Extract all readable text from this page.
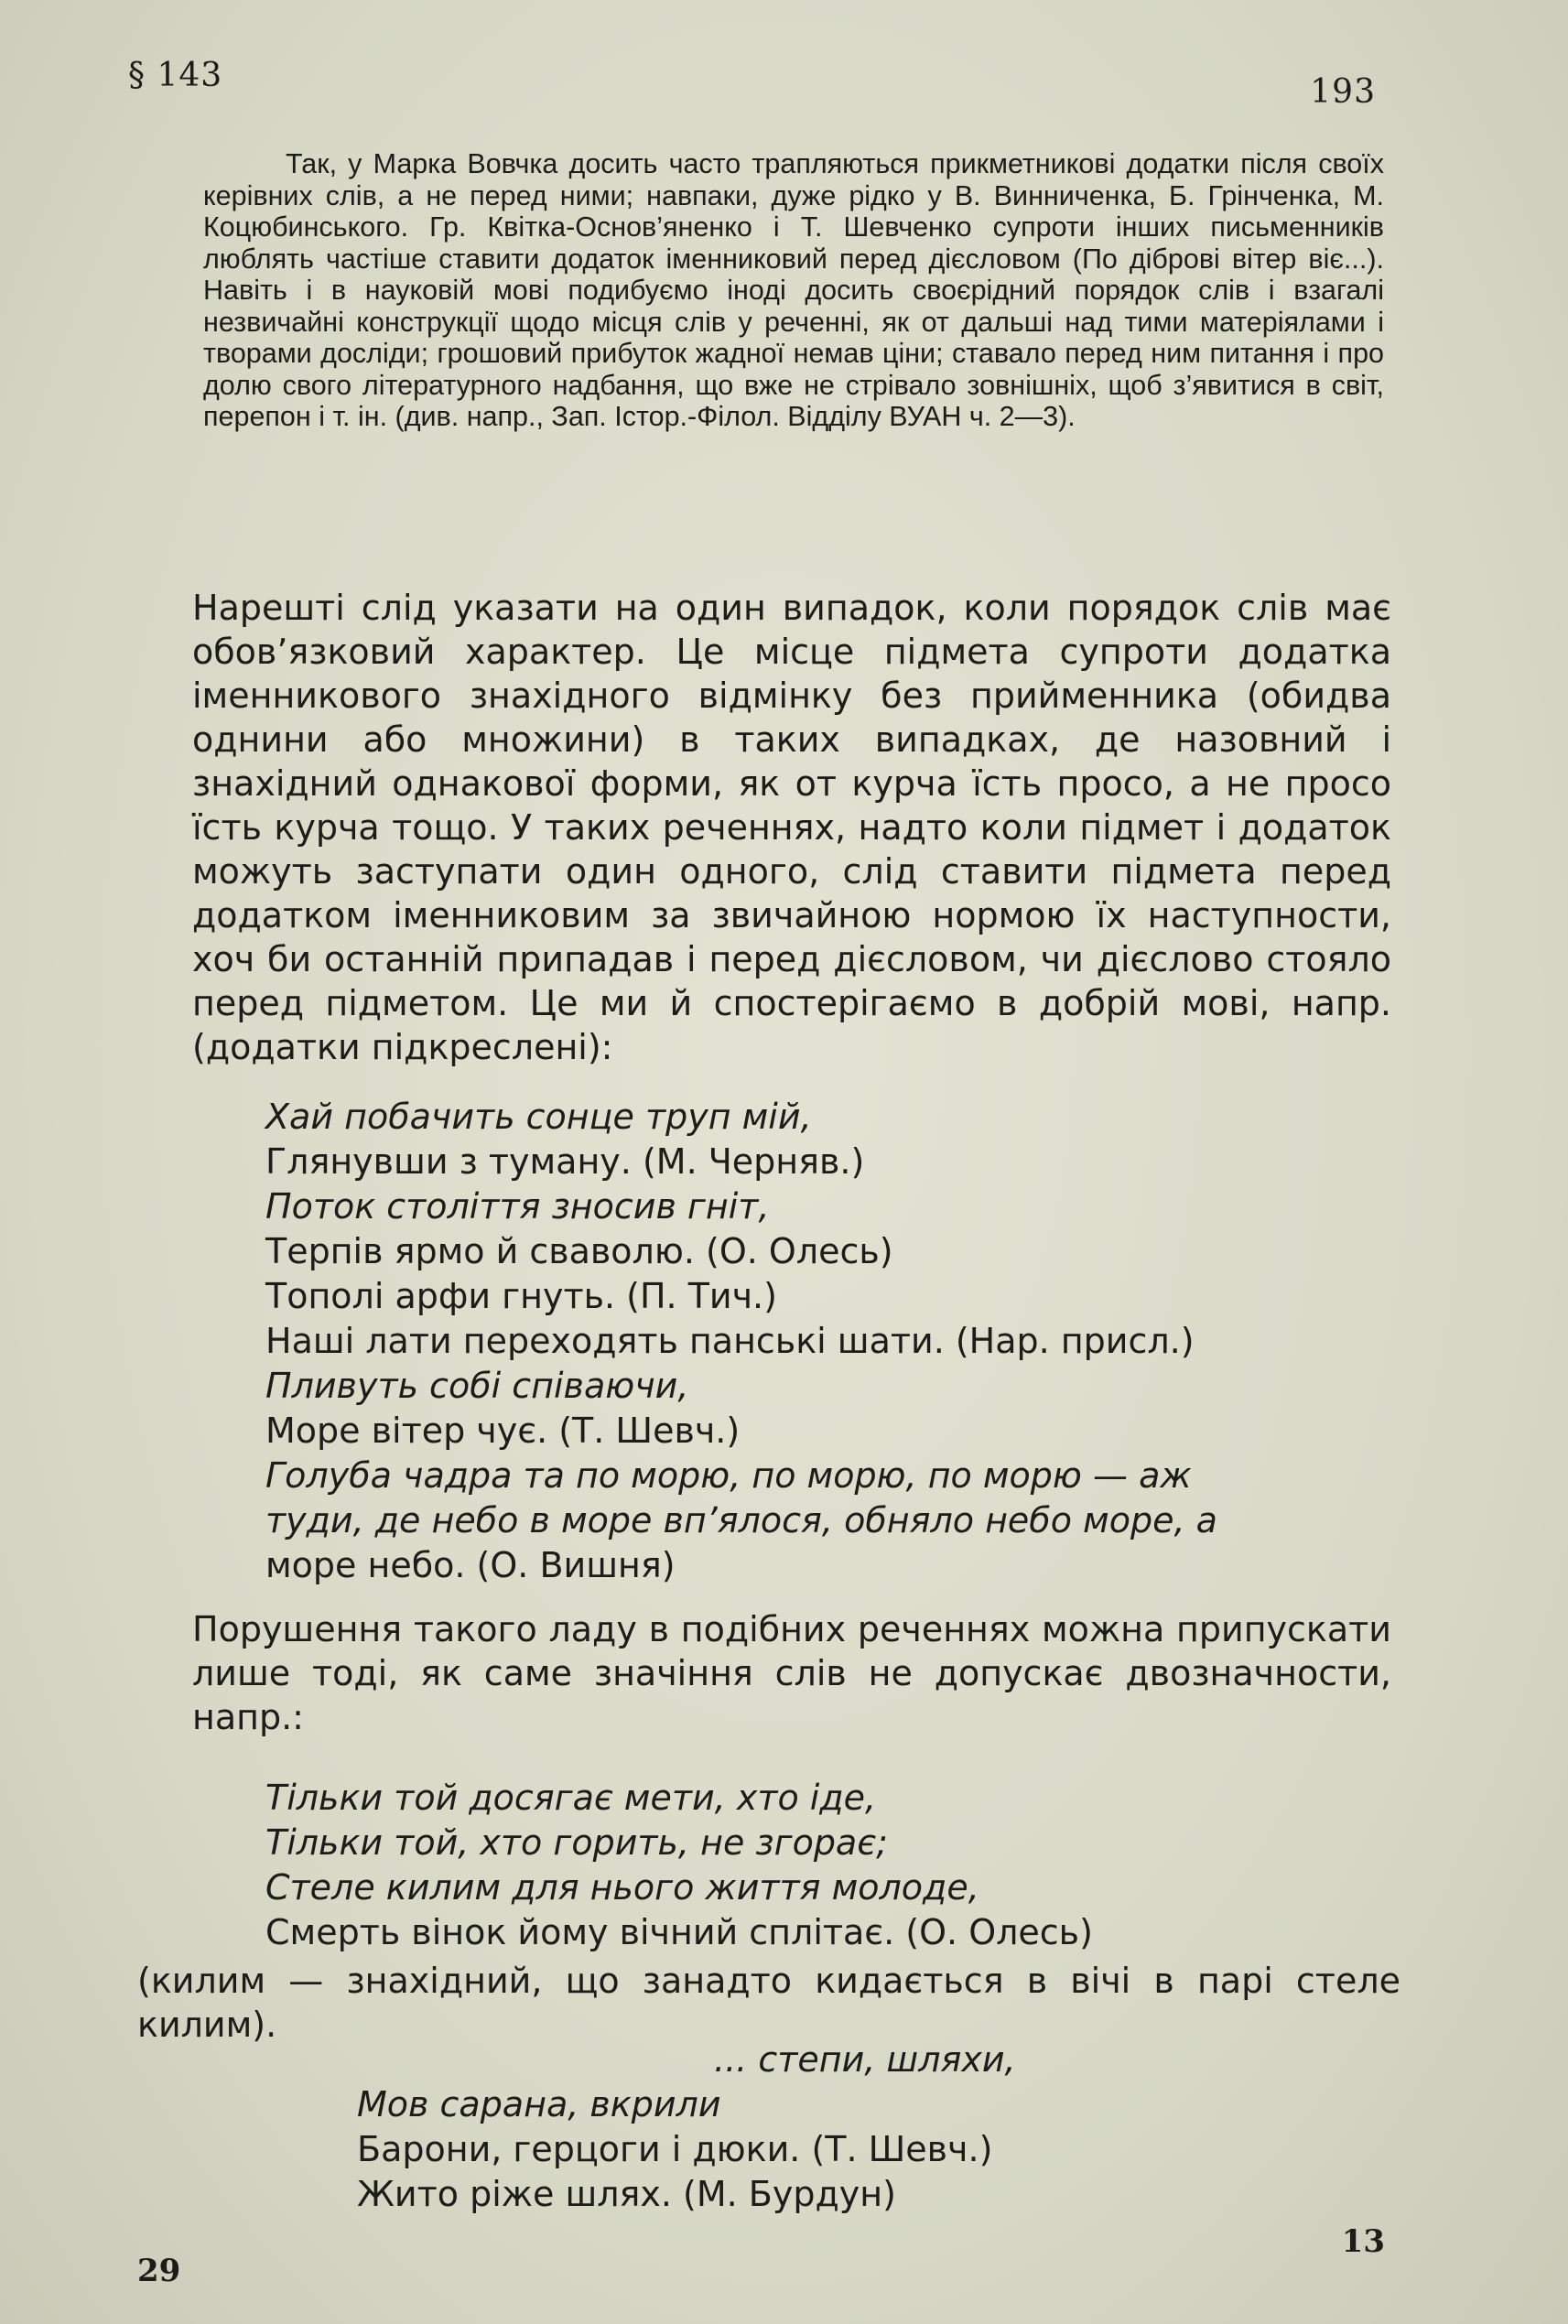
§ 143	193

Так, у Марка Вовчка досить часто трапляються прикметникові додатки після своїх керівних слів, а не перед ними; навпаки, дуже рідко у В. Винниченка, Б. Грінченка, М. Коцюбинського. Гр. Квітка-Основ’яненко і Т. Шевченко супроти інших письменників люблять частіше ставити додаток іменниковий перед дієсловом (По діброві вітер віє...). Навіть і в науковій мові подибуємо іноді досить своєрідний порядок слів і взагалі незвичайні конструкції щодо місця слів у реченні, як от дальші над тими матеріялами і творами досліди; грошовий прибуток жадної немав ціни; ставало перед ним питання і про долю свого літературного надбання, що вже не стрівало зовнішніх, щоб з’явитися в світ, перепон і т. ін. (див. напр., Зап. Істор.-Філол. Відділу ВУАН ч. 2—3).

Нарешті слід указати на один випадок, коли порядок слів має обов’язковий характер. Це місце підмета супроти додатка іменникового знахідного відмінку без прийменника (обидва однини або множини) в таких випадках, де назовний і знахідний однакової форми, як от курча їсть просо, а не просо їсть курча тощо. У таких реченнях, надто коли підмет і додаток можуть заступати один одного, слід ставити підмета перед додатком іменниковим за звичайною нормою їх наступности, хоч би останній припадав і перед дієсловом, чи дієслово стояло перед підметом. Це ми й спостерігаємо в добрій мові, напр. (додатки підкреслені):

Хай побачить сонце труп мій,
Глянувши з туману. (М. Черняв.)
Поток століття зносив гніт,
Терпів ярмо й сваволю. (О. Олесь)
Тополі арфи гнуть. (П. Тич.)
Наші лати переходять панські шати. (Нар. присл.)
Пливуть собі співаючи,
Море вітер чує. (Т. Шевч.)
Голуба чадра та по морю, по морю, по морю — аж
туди, де небо в море вп’ялося, обняло небо море, а
море небо. (О. Вишня)

Порушення такого ладу в подібних реченнях можна припускати лише тоді, як саме значіння слів не допускає двозначности, напр.:

Тільки той досягає мети, хто іде,
Тільки той, хто горить, не згорає;
Стеле килим для нього життя молоде,
Смерть вінок йому вічний сплітає. (О. Олесь)
(килим — знахідний, що занадто кидається в вічі в парі стеле килим).
... степи, шляхи,
Мов сарана, вкрили
Барони, герцоги і дюки. (Т. Шевч.)
Жито ріже шлях. (М. Бурдун)
29
13
